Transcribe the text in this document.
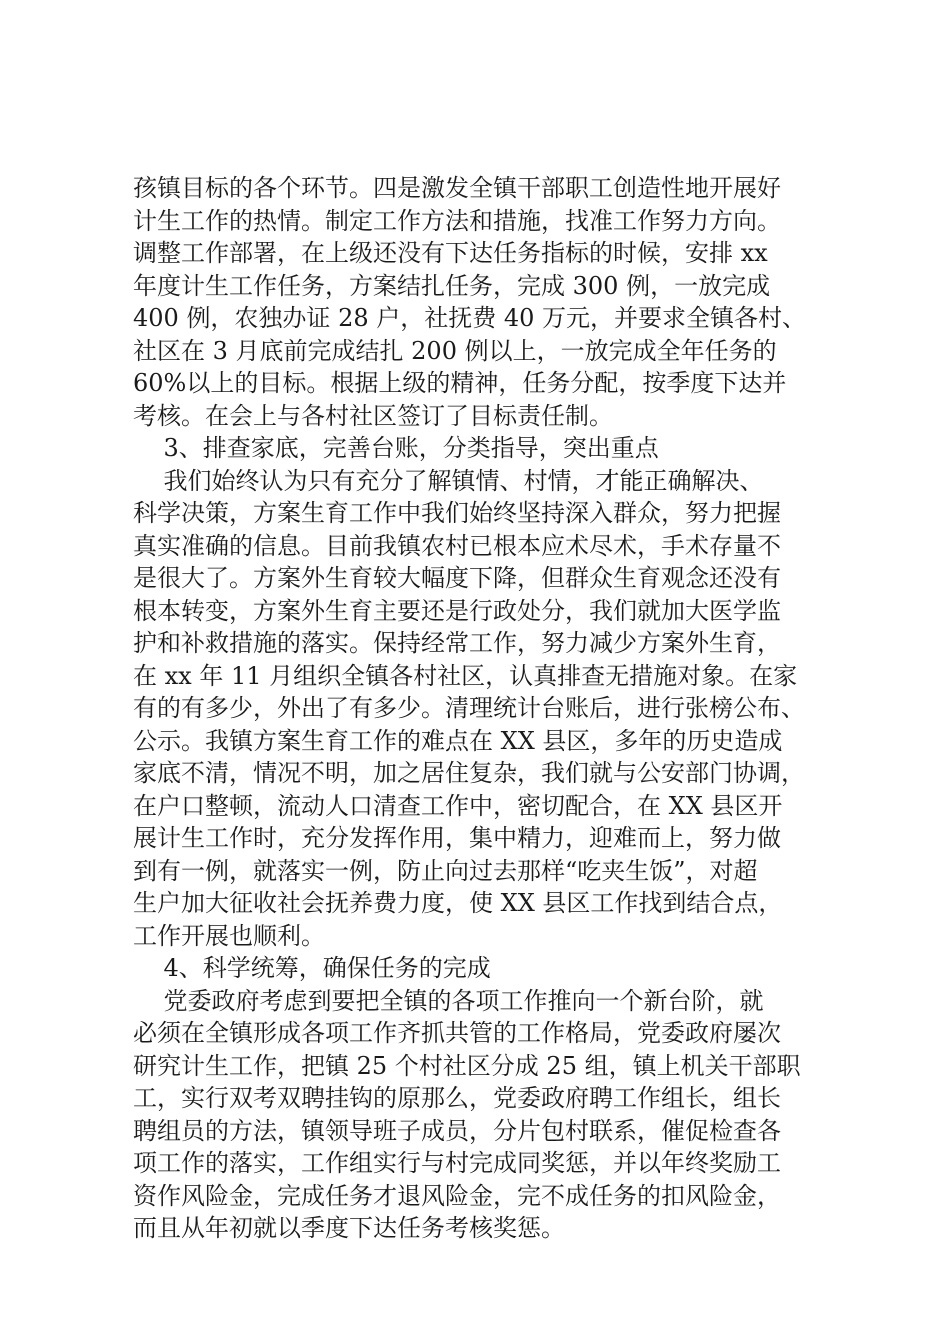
孩镇目标的各个环节。四是激发全镇干部职工创造性地开展好
计生工作的热情。制定工作方法和措施，找准工作努力方向。
调整工作部署，在上级还没有下达任务指标的时候，安排 xx
年度计生工作任务，方案结扎任务，完成 300 例，一放完成
400 例，农独办证 28 户，社抚费 40 万元，并要求全镇各村、
社区在 3 月底前完成结扎 200 例以上，一放完成全年任务的
60%以上的目标。根据上级的精神，任务分配，按季度下达并
考核。在会上与各村社区签订了目标责任制。
3、排查家底，完善台账，分类指导，突出重点
我们始终认为只有充分了解镇情、村情，才能正确解决、
科学决策，方案生育工作中我们始终坚持深入群众，努力把握
真实准确的信息。目前我镇农村已根本应术尽术，手术存量不
是很大了。方案外生育较大幅度下降，但群众生育观念还没有
根本转变，方案外生育主要还是行政处分，我们就加大医学监
护和补救措施的落实。保持经常工作，努力减少方案外生育，
在 xx 年 11 月组织全镇各村社区，认真排查无措施对象。在家
有的有多少，外出了有多少。清理统计台账后，进行张榜公布、
公示。我镇方案生育工作的难点在 XX 县区，多年的历史造成
家底不清，情况不明，加之居住复杂，我们就与公安部门协调，
在户口整顿，流动人口清查工作中，密切配合，在 XX 县区开
展计生工作时，充分发挥作用，集中精力，迎难而上，努力做
到有一例，就落实一例，防止向过去那样“吃夹生饭”，对超
生户加大征收社会抚养费力度，使 XX 县区工作找到结合点，
工作开展也顺利。
4、科学统筹，确保任务的完成
党委政府考虑到要把全镇的各项工作推向一个新台阶，就
必须在全镇形成各项工作齐抓共管的工作格局，党委政府屡次
研究计生工作，把镇 25 个村社区分成 25 组，镇上机关干部职
工，实行双考双聘挂钩的原那么，党委政府聘工作组长，组长
聘组员的方法，镇领导班子成员，分片包村联系，催促检查各
项工作的落实，工作组实行与村完成同奖惩，并以年终奖励工
资作风险金，完成任务才退风险金，完不成任务的扣风险金，
而且从年初就以季度下达任务考核奖惩。
